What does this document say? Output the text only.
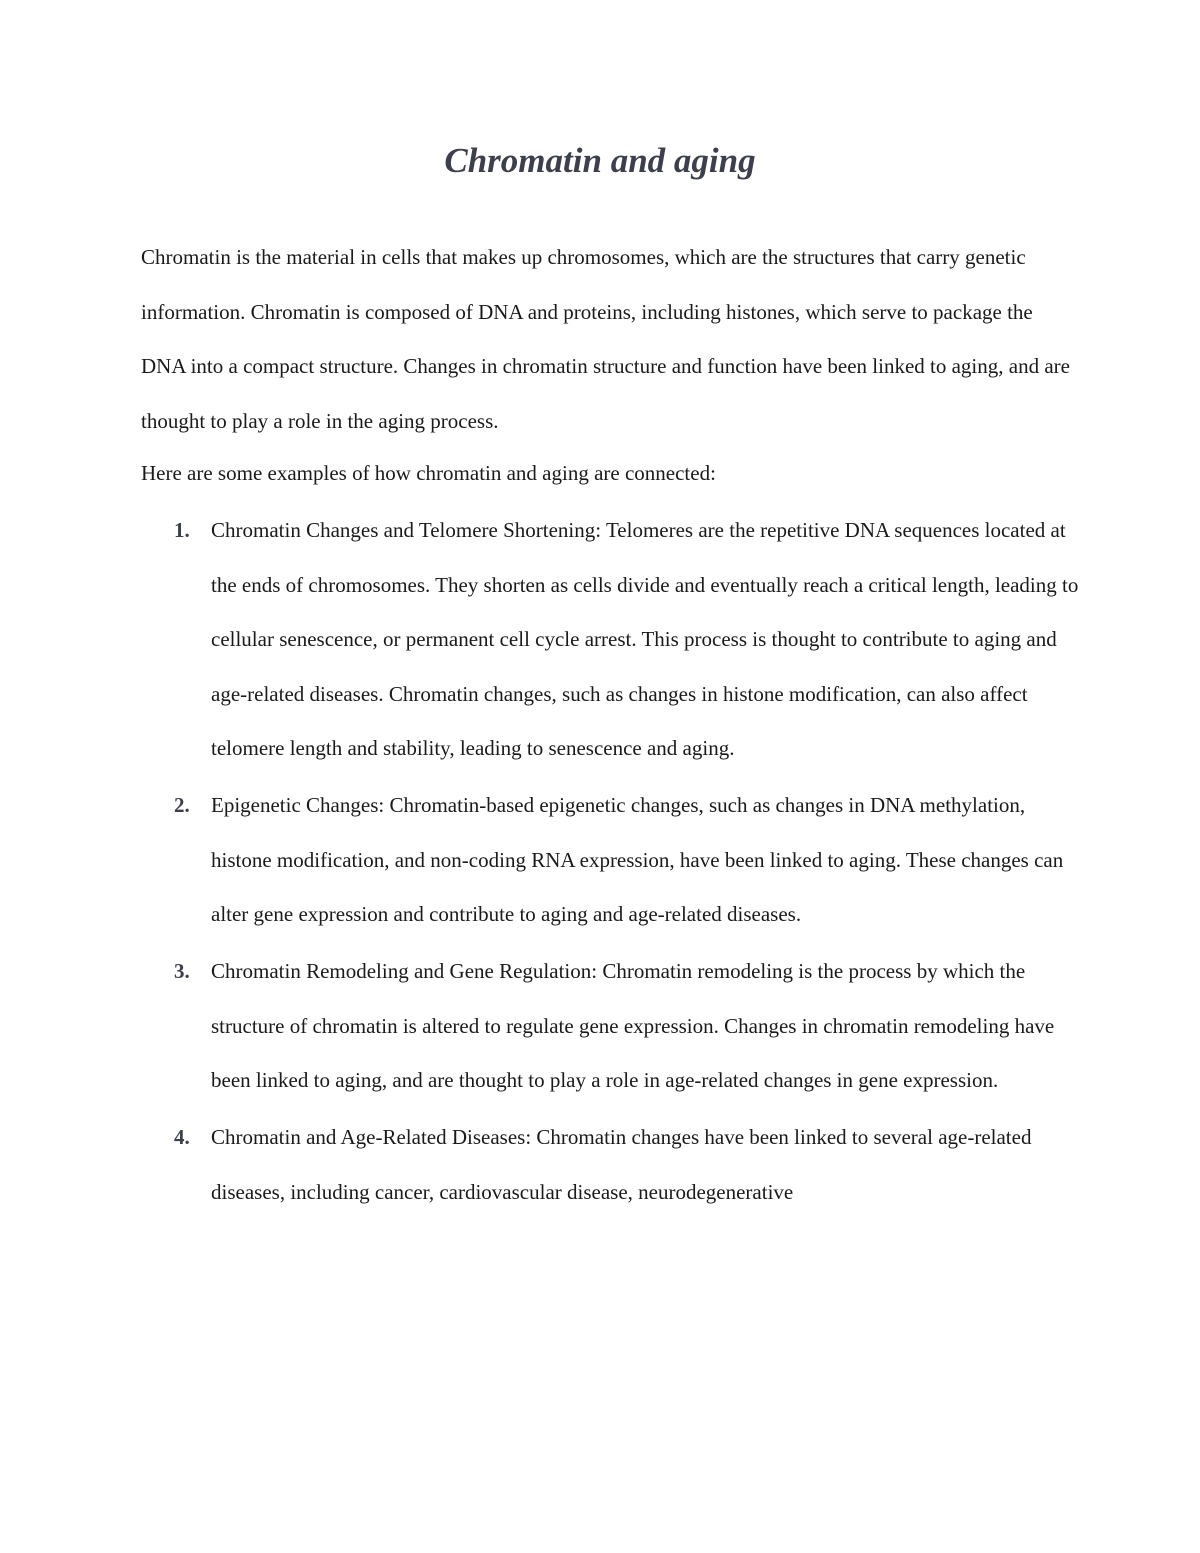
Chromatin and aging

Chromatin is the material in cells that makes up chromosomes, which are the structures that carry genetic information. Chromatin is composed of DNA and proteins, including histones, which serve to package the DNA into a compact structure. Changes in chromatin structure and function have been linked to aging, and are thought to play a role in the aging process.

Here are some examples of how chromatin and aging are connected:

1. Chromatin Changes and Telomere Shortening: Telomeres are the repetitive DNA sequences located at the ends of chromosomes. They shorten as cells divide and eventually reach a critical length, leading to cellular senescence, or permanent cell cycle arrest. This process is thought to contribute to aging and age-related diseases. Chromatin changes, such as changes in histone modification, can also affect telomere length and stability, leading to senescence and aging.
2. Epigenetic Changes: Chromatin-based epigenetic changes, such as changes in DNA methylation, histone modification, and non-coding RNA expression, have been linked to aging. These changes can alter gene expression and contribute to aging and age-related diseases.
3. Chromatin Remodeling and Gene Regulation: Chromatin remodeling is the process by which the structure of chromatin is altered to regulate gene expression. Changes in chromatin remodeling have been linked to aging, and are thought to play a role in age-related changes in gene expression.
4. Chromatin and Age-Related Diseases: Chromatin changes have been linked to several age-related diseases, including cancer, cardiovascular disease, neurodegenerative
